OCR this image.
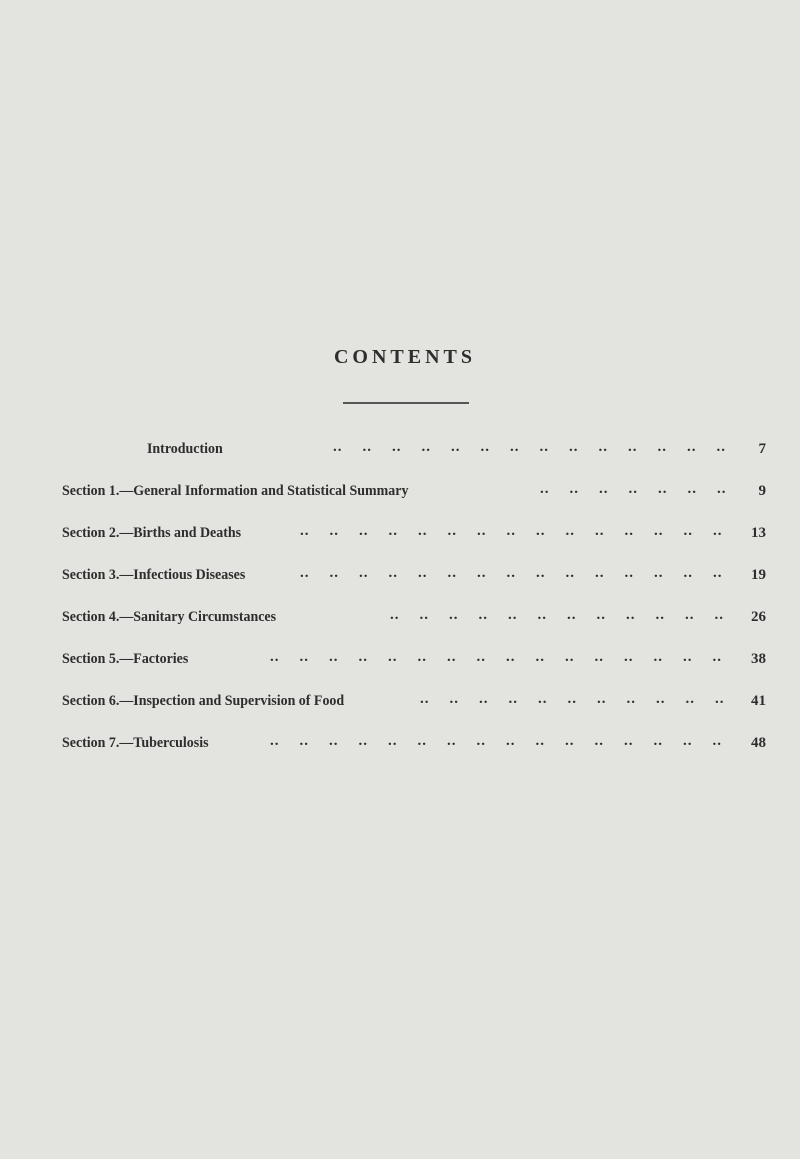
CONTENTS
Introduction	.. .. .. .. .. .. .. .. .. .. .. .. .. .. 7
Section 1.—General Information and Statistical Summary	.. .. .. .. .. .. .. 9
Section 2.—Births and Deaths	.. .. .. .. .. .. .. .. .. .. .. .. .. .. .. 13
Section 3.—Infectious Diseases	.. .. .. .. .. .. .. .. .. .. .. .. .. .. .. 19
Section 4.—Sanitary Circumstances	.. .. .. .. .. .. .. .. .. .. .. .. 26
Section 5.—Factories	.. .. .. .. .. .. .. .. .. .. .. .. .. .. .. .. 38
Section 6.—Inspection and Supervision of Food	.. .. .. .. .. .. .. .. .. .. .. 41
Section 7.—Tuberculosis	.. .. .. .. .. .. .. .. .. .. .. .. .. .. .. .. 48
